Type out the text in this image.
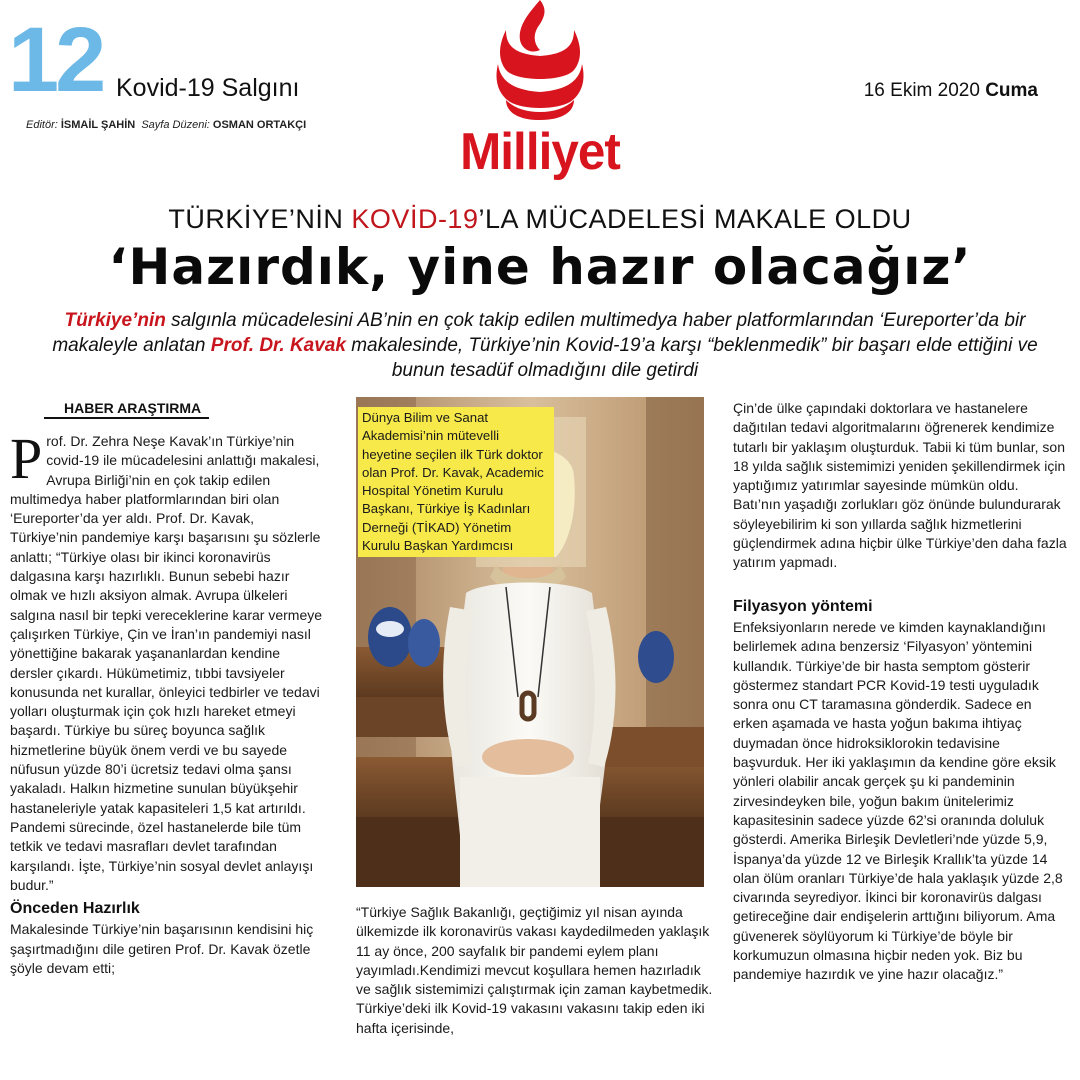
12 Kovid-19 Salgını
Editör: İSMAİL ŞAHİN Sayfa Düzeni: OSMAN ORTAKÇI
16 Ekim 2020 Cuma
Milliyet
TÜRKİYE’NİN KOVİD-19’LA MÜCADELESİ MAKALE OLDU
‘Hazırdık, yine hazır olacağız’
Türkiye’nin salgınla mücadelesini AB’nin en çok takip edilen multimedya haber platformlarından ‘Eureporter’da bir makaleyle anlatan Prof. Dr. Kavak makalesinde, Türkiye’nin Kovid-19’a karşı “beklenmedik” bir başarı elde ettiğini ve bunun tesadüf olmadığını dile getirdi
HABER ARAŞTIRMA
P rof. Dr. Zehra Neşe Kavak’ın Türkiye’nin covid-19 ile mücadelesini anlattığı makalesi, Avrupa Birliği’nin en çok takip edilen multimedya haber platformlarından biri olan ‘Eureporter’da yer aldı. Prof. Dr. Kavak, Türkiye’nin pandemiye karşı başarısını şu sözlerle anlattı; “Türkiye olası bir ikinci koronavirüs dalgasına karşı hazırlıklı. Bunun sebebi hazır olmak ve hızlı aksiyon almak. Avrupa ülkeleri salgına nasıl bir tepki vereceklerine karar vermeye çalışırken Türkiye, Çin ve İran’ın pandemiyi nasıl yönettiğine bakarak yaşananlardan kendine dersler çıkardı. Hükümetimiz, tıbbi tavsiyeler konusunda net kurallar, önleyici tedbirler ve tedavi yolları oluşturmak için çok hızlı hareket etmeyi başardı. Türkiye bu süreç boyunca sağlık hizmetlerine büyük önem verdi ve bu sayede nüfusun yüzde 80’i ücretsiz tedavi olma şansı yakaladı. Halkın hizmetine sunulan büyükşehir hastaneleriyle yatak kapasiteleri 1,5 kat artırıldı. Pandemi sürecinde, özel hastanelerde bile tüm tetkik ve tedavi masrafları devlet tarafından karşılandı. İşte, Türkiye’nin sosyal devlet anlayışı budur.”

Önceden Hazırlık

Makalesinde Türkiye’nin başarısının kendisini hiç şaşırtmadığını dile getiren Prof. Dr. Kavak özetle şöyle devam etti;

Dünya Bilim ve Sanat Akademisi’nin mütevelli heyetine seçilen ilk Türk doktor olan Prof. Dr. Kavak, Academic Hospital Yönetim Kurulu Başkanı, Türkiye İş Kadınları Derneği (TİKAD) Yönetim Kurulu Başkan Yardımcısı

“Türkiye Sağlık Bakanlığı, geçtiğimiz yıl nisan ayında ülkemizde ilk koronavirüs vakası kaydedilmeden yaklaşık 11 ay önce, 200 sayfalık bir pandemi eylem planı yayımladı.Kendimizi mevcut koşullara hemen hazırladık ve sağlık sistemimizi çalıştırmak için zaman kaybetmedik. Türkiye’deki ilk Kovid-19 vakasını vakasını takip eden iki hafta içerisinde,

Çin’de ülke çapındaki doktorlara ve hastanelere dağıtılan tedavi algoritmalarını öğrenerek kendimize tutarlı bir yaklaşım oluşturduk. Tabii ki tüm bunlar, son 18 yılda sağlık sistemimizi yeniden şekillendirmek için yaptığımız yatırımlar sayesinde mümkün oldu. Batı’nın yaşadığı zorlukları göz önünde bulundurarak söyleyebilirim ki son yıllarda sağlık hizmetlerini güçlendirmek adına hiçbir ülke Türkiye’den daha fazla yatırım yapmadı.

Filyasyon yöntemi

Enfeksiyonların nerede ve kimden kaynaklandığını belirlemek adına benzersiz ‘Filyasyon’ yöntemini kullandık. Türkiye’de bir hasta semptom gösterir göstermez standart PCR Kovid-19 testi uyguladık sonra onu CT taramasına gönderdik. Sadece en erken aşamada ve hasta yoğun bakıma ihtiyaç duymadan önce hidroksiklorokin tedavisine başvurduk. Her iki yaklaşımın da kendine göre eksik yönleri olabilir ancak gerçek şu ki pandeminin zirvesindeyken bile, yoğun bakım ünitelerimiz kapasitesinin sadece yüzde 62’si oranında doluluk gösterdi. Amerika Birleşik Devletleri’nde yüzde 5,9, İspanya’da yüzde 12 ve Birleşik Krallık’ta yüzde 14 olan ölüm oranları Türkiye’de hala yaklaşık yüzde 2,8 civarında seyrediyor. İkinci bir koronavirüs dalgası getireceğine dair endişelerin arttığını biliyorum. Ama güvenerek söylüyorum ki Türkiye’de böyle bir korkumuzun olmasına hiçbir neden yok. Biz bu pandemiye hazırdık ve yine hazır olacağız.”
